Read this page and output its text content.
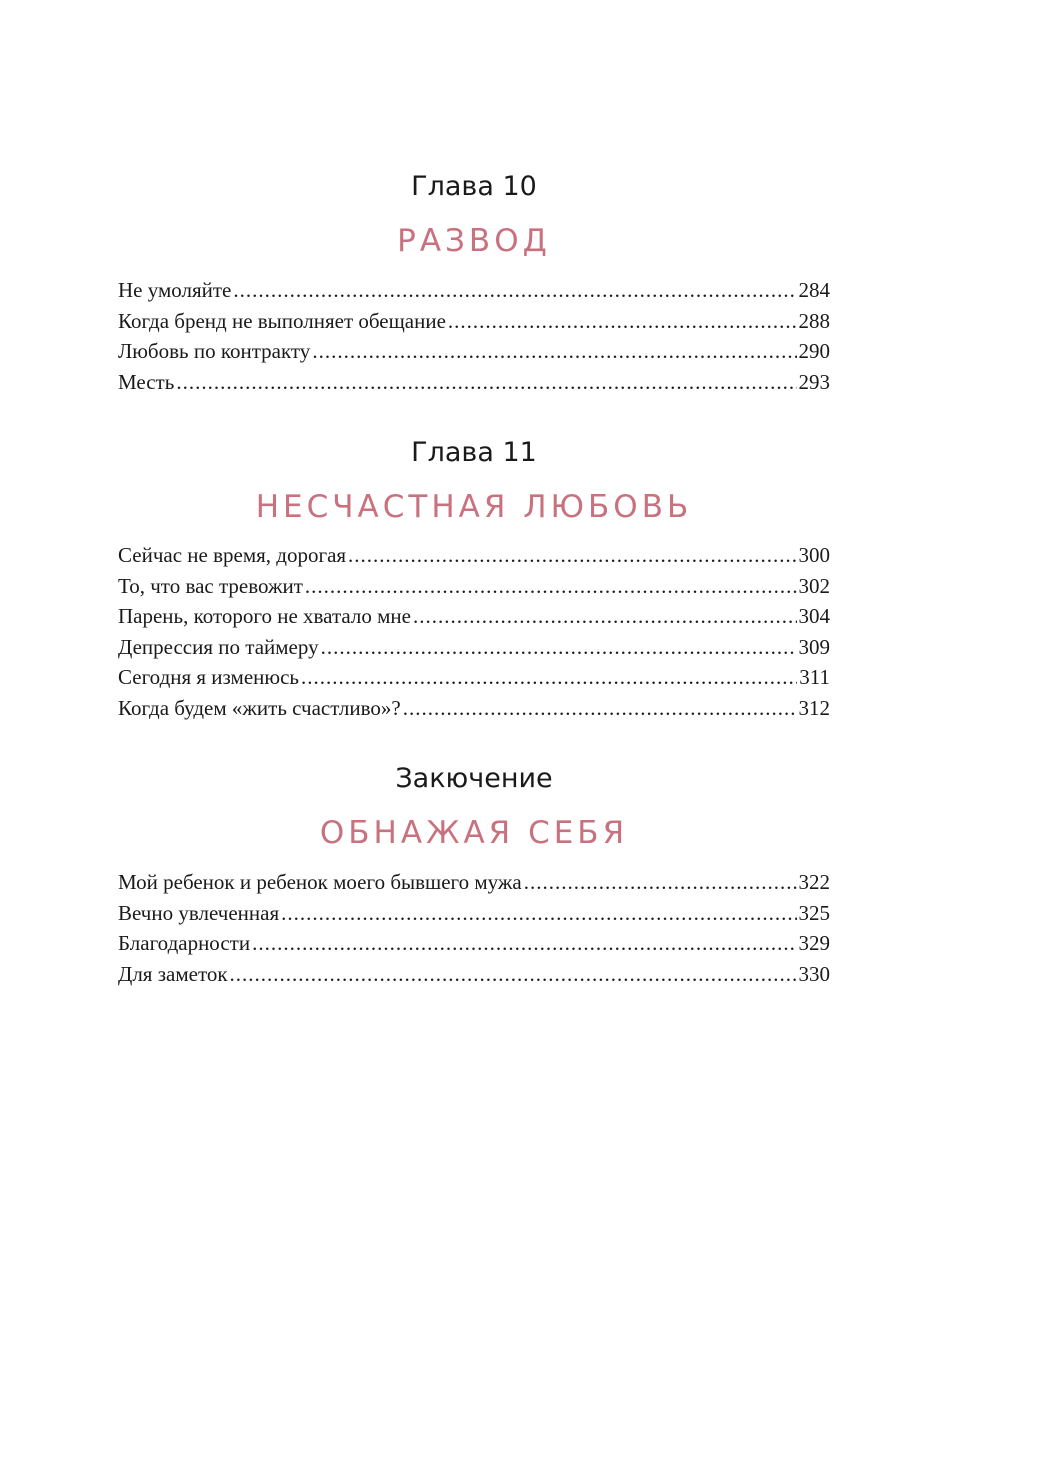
Глава 10
РАЗВОД
Не умоляйте .....	284
Когда бренд не выполняет обещание .....	288
Любовь по контракту .....	290
Месть .....	293
Глава 11
НЕСЧАСТНАЯ ЛЮБОВЬ
Сейчас не время, дорогая .....	300
То, что вас тревожит .....	302
Парень, которого не хватало мне .....	304
Депрессия по таймеру .....	309
Сегодня я изменюсь .....	311
Когда будем «жить счастливо»? .....	312
Закючение
ОБНАЖАЯ СЕБЯ
Мой ребенок и ребенок моего бывшего мужа .....	322
Вечно увлеченная .....	325
Благодарности .....	329
Для заметок .....	330
